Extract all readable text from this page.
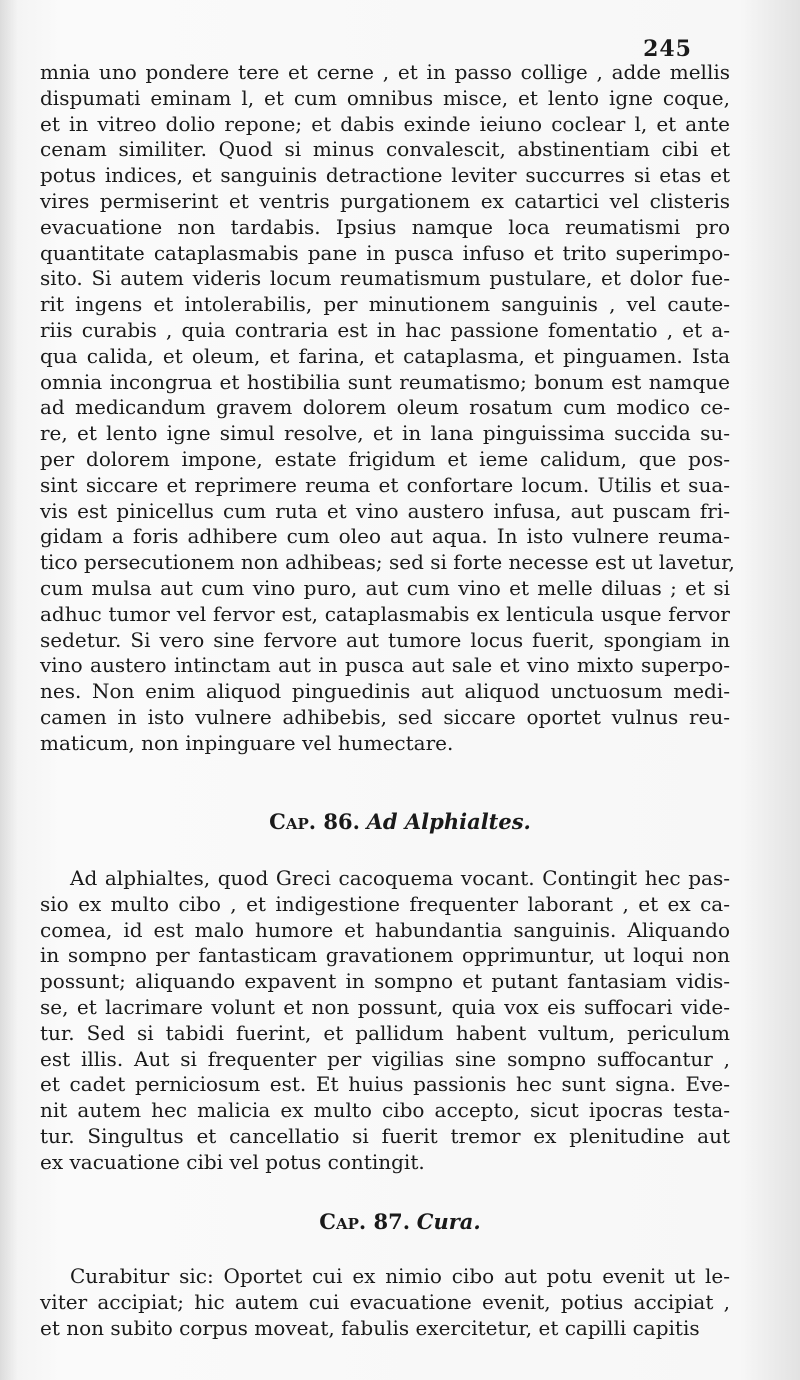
245
mnia uno pondere tere et cerne , et in passo collige , adde mellis
dispumati eminam l, et cum omnibus misce, et lento igne coque,
et in vitreo dolio repone; et dabis exinde ieiuno coclear l, et ante
cenam similiter. Quod si minus convalescit, abstinentiam cibi et
potus indices, et sanguinis detractione leviter succurres si etas et
vires permiserint et ventris purgationem ex catartici vel clisteris
evacuatione non tardabis. Ipsius namque loca reumatismi pro
quantitate cataplasmabis pane in pusca infuso et trito superimpo-
sito. Si autem videris locum reumatismum pustulare, et dolor fue-
rit ingens et intolerabilis, per minutionem sanguinis , vel caute-
riis curabis , quia contraria est in hac passione fomentatio , et a-
qua calida, et oleum, et farina, et cataplasma, et pinguamen. Ista
omnia incongrua et hostibilia sunt reumatismo; bonum est namque
ad medicandum gravem dolorem oleum rosatum cum modico ce-
re, et lento igne simul resolve, et in lana pinguissima succida su-
per dolorem impone, estate frigidum et ieme calidum, que pos-
sint siccare et reprimere reuma et confortare locum. Utilis et sua-
vis est pinicellus cum ruta et vino austero infusa, aut puscam fri-
gidam a foris adhibere cum oleo aut aqua. In isto vulnere reuma-
tico persecutionem non adhibeas; sed si forte necesse est ut lavetur,
cum mulsa aut cum vino puro, aut cum vino et melle diluas ; et si
adhuc tumor vel fervor est, cataplasmabis ex lenticula usque fervor
sedetur. Si vero sine fervore aut tumore locus fuerit, spongiam in
vino austero intinctam aut in pusca aut sale et vino mixto superpo-
nes. Non enim aliquod pinguedinis aut aliquod unctuosum medi-
camen in isto vulnere adhibebis, sed siccare oportet vulnus reu-
maticum, non inpinguare vel humectare.
Cap. 86. Ad Alphialtes.
Ad alphialtes, quod Greci cacoquema vocant. Contingit hec pas-
sio ex multo cibo , et indigestione frequenter laborant , et ex ca-
comea, id est malo humore et habundantia sanguinis. Aliquando
in sompno per fantasticam gravationem opprimuntur, ut loqui non
possunt; aliquando expavent in sompno et putant fantasiam vidis-
se, et lacrimare volunt et non possunt, quia vox eis suffocari vide-
tur. Sed si tabidi fuerint, et pallidum habent vultum, periculum
est illis. Aut si frequenter per vigilias sine sompno suffocantur ,
et cadet perniciosum est. Et huius passionis hec sunt signa. Eve-
nit autem hec malicia ex multo cibo accepto, sicut ipocras testa-
tur. Singultus et cancellatio si fuerit tremor ex plenitudine aut
ex vacuatione cibi vel potus contingit.
Cap. 87. Cura.
Curabitur sic: Oportet cui ex nimio cibo aut potu evenit ut le-
viter accipiat; hic autem cui evacuatione evenit, potius accipiat ,
et non subito corpus moveat, fabulis exercitetur, et capilli capitis
